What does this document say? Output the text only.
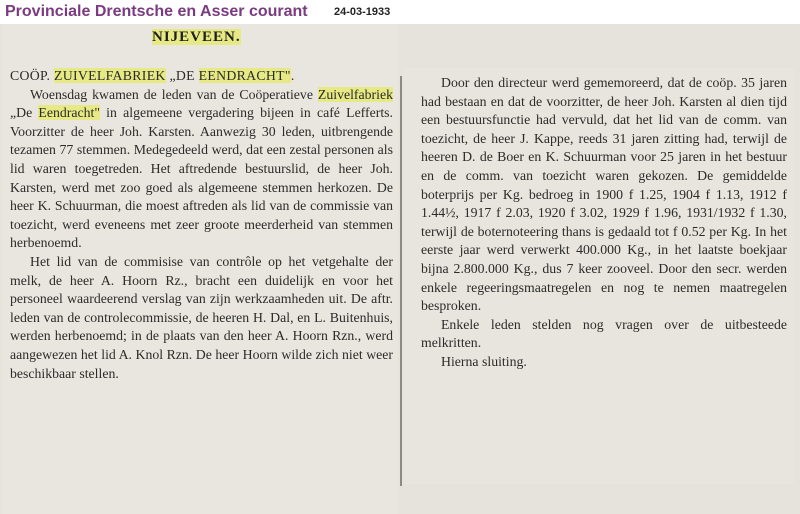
Provinciale Drentsche en Asser courant 24-03-1933
NIJEVEEN.

COÖP. ZUIVELFABRIEK „DE EENDRACHT".

Woensdag kwamen de leden van de Coöperatieve Zuivelfabriek „De Eendracht" in algemeene vergadering bijeen in café Lefferts. Voorzitter de heer Joh. Karsten. Aanwezig 30 leden, uitbrengende tezamen 77 stemmen. Medegedeeld werd, dat een zestal personen als lid waren toegetreden. Het aftredende bestuurslid, de heer Joh. Karsten, werd met zoo goed als algemeene stemmen herkozen. De heer K. Schuurman, die moest aftreden als lid van de commissie van toezicht, werd eveneens met zeer groote meerderheid van stemmen herbenoemd.

Het lid van de commisise van contrôle op het vetgehalte der melk, de heer A. Hoorn Rz., bracht een duidelijk en voor het personeel waardeerend verslag van zijn werkzaamheden uit. De aftr. leden van de controlecommissie, de heeren H. Dal, en L. Buitenhuis, werden herbenoemd; in de plaats van den heer A. Hoorn Rzn., werd aangewezen het lid A. Knol Rzn. De heer Hoorn wilde zich niet weer beschikbaar stellen.

Door den directeur werd gememoreerd, dat de coöp. 35 jaren had bestaan en dat de voorzitter, de heer Joh. Karsten al dien tijd een bestuursfunctie had vervuld, dat het lid van de comm. van toezicht, de heer J. Kappe, reeds 31 jaren zitting had, terwijl de heeren D. de Boer en K. Schuurman voor 25 jaren in het bestuur en de comm. van toezicht waren gekozen. De gemiddelde boterprijs per Kg. bedroeg in 1900 f 1.25, 1904 f 1.13, 1912 f 1.44½, 1917 f 2.03, 1920 f 3.02, 1929 f 1.96, 1931/1932 f 1.30, terwijl de boternoteering thans is gedaald tot f 0.52 per Kg. In het eerste jaar werd verwerkt 400.000 Kg., in het laatste boekjaar bijna 2.800.000 Kg., dus 7 keer zooveel. Door den secr. werden enkele regeeringsmaatregelen en nog te nemen maatregelen besproken.

Enkele leden stelden nog vragen over de uitbesteede melkritten.

Hierna sluiting.
